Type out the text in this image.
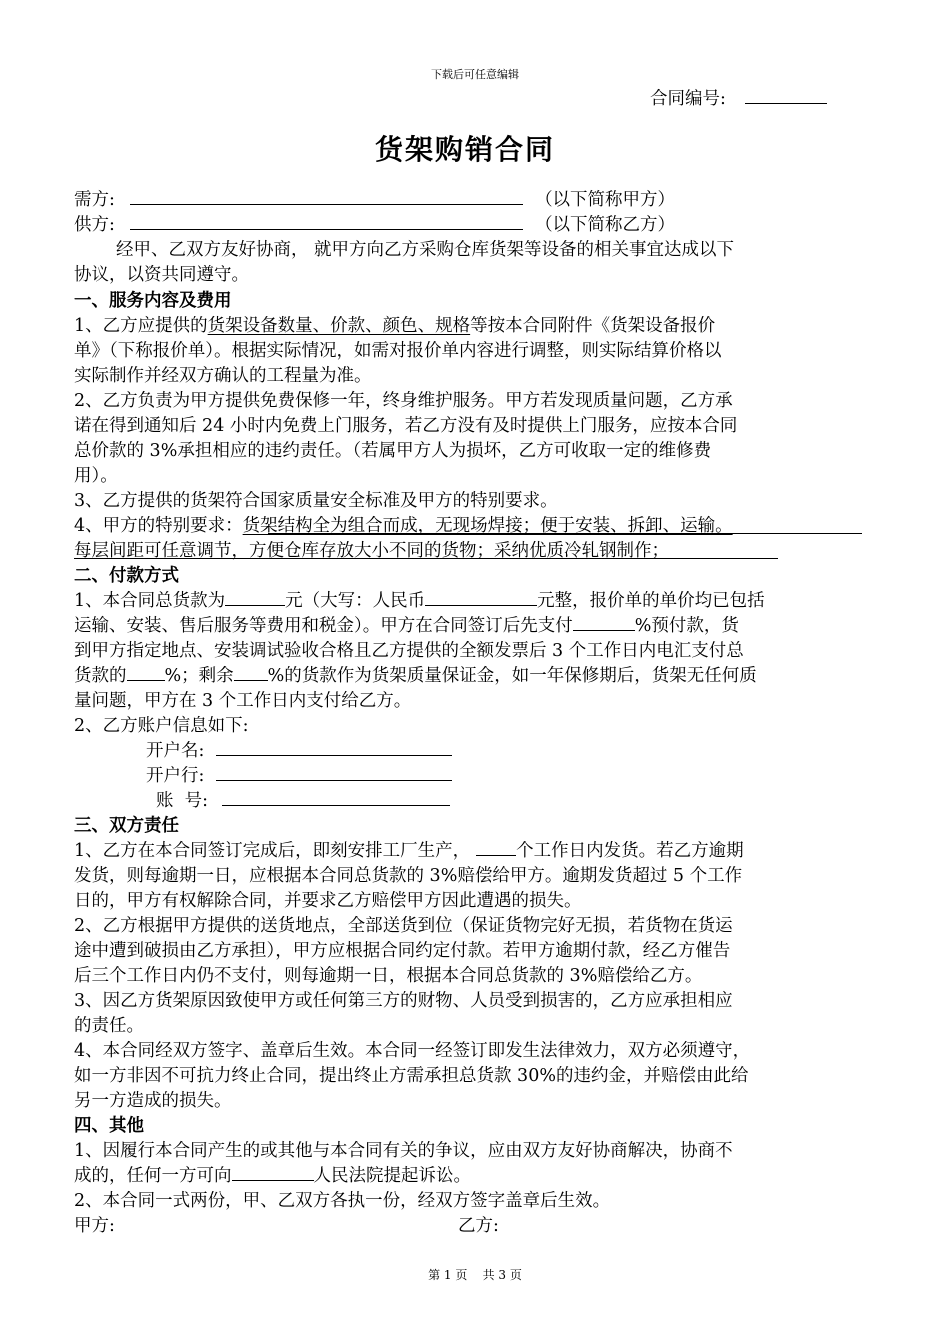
下载后可任意编辑
合同编号:
货架购销合同
需方:	（以下简称甲方）
供方:	（以下简称乙方）
经甲、乙双方友好协商， 就甲方向乙方采购仓库货架等设备的相关事宜达成以下
协议，以资共同遵守。
一、服务内容及费用
1、乙方应提供的货架设备数量、价款、颜色、规格等按本合同附件《货架设备报价
单》（下称报价单）。根据实际情况，如需对报价单内容进行调整，则实际结算价格以
实际制作并经双方确认的工程量为准。
2、乙方负责为甲方提供免费保修一年，终身维护服务。甲方若发现质量问题，乙方承
诺在得到通知后 24 小时内免费上门服务，若乙方没有及时提供上门服务，应按本合同
总价款的 3%承担相应的违约责任。（若属甲方人为损坏，乙方可收取一定的维修费
用）。
3、乙方提供的货架符合国家质量安全标准及甲方的特别要求。
4、甲方的特别要求：货架结构全为组合而成，无现场焊接；便于安装、拆卸、运输。
每层间距可任意调节，方便仓库存放大小不同的货物；采纳优质冷轧钢制作；
二、付款方式
1、本合同总货款为	元（大写：人民币	元整，报价单的单价均已包括
运输、安装、售后服务等费用和税金）。甲方在合同签订后先支付	%预付款，货
到甲方指定地点、安装调试验收合格且乙方提供的全额发票后 3 个工作日内电汇支付总
货款的 %；剩余 %的货款作为货架质量保证金，如一年保修期后，货架无任何质
量问题，甲方在 3 个工作日内支付给乙方。
2、乙方账户信息如下:
开户名:
开户行:
账  号:
三、双方责任
1、乙方在本合同签订完成后，即刻安排工厂生产，	个工作日内发货。若乙方逾期
发货，则每逾期一日，应根据本合同总货款的 3%赔偿给甲方。逾期发货超过 5 个工作
日的，甲方有权解除合同，并要求乙方赔偿甲方因此遭遇的损失。
2、乙方根据甲方提供的送货地点，全部送货到位（保证货物完好无损，若货物在货运
途中遭到破损由乙方承担），甲方应根据合同约定付款。若甲方逾期付款，经乙方催告
后三个工作日内仍不支付，则每逾期一日，根据本合同总货款的 3%赔偿给乙方。
3、因乙方货架原因致使甲方或任何第三方的财物、人员受到损害的，乙方应承担相应
的责任。
4、本合同经双方签字、盖章后生效。本合同一经签订即发生法律效力，双方必须遵守，
如一方非因不可抗力终止合同，提出终止方需承担总货款 30%的违约金，并赔偿由此给
另一方造成的损失。
四、其他
1、因履行本合同产生的或其他与本合同有关的争议，应由双方友好协商解决，协商不
成的，任何一方可向	人民法院提起诉讼。
2、本合同一式两份，甲、乙双方各执一份，经双方签字盖章后生效。
甲方:	乙方:
第 1 页    共 3 页
